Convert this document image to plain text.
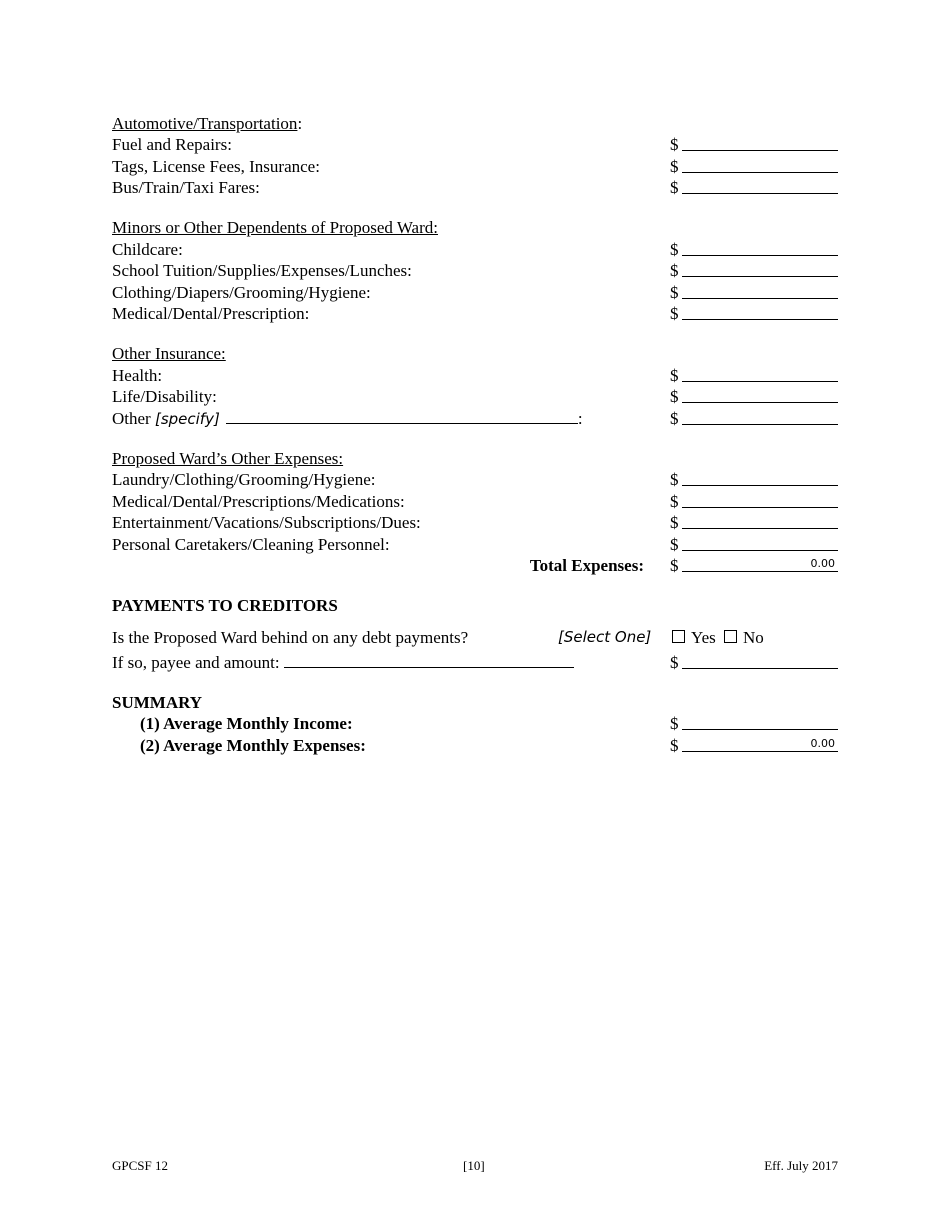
Automotive/Transportation:
Fuel and Repairs:	$
Tags, License Fees, Insurance:	$
Bus/Train/Taxi Fares:	$
Minors or Other Dependents of Proposed Ward:
Childcare:	$
School Tuition/Supplies/Expenses/Lunches:	$
Clothing/Diapers/Grooming/Hygiene:	$
Medical/Dental/Prescription:	$
Other Insurance:
Health:	$
Life/Disability:	$
Other [specify]	:	$
Proposed Ward’s Other Expenses:
Laundry/Clothing/Grooming/Hygiene:	$
Medical/Dental/Prescriptions/Medications:	$
Entertainment/Vacations/Subscriptions/Dues:	$
Personal Caretakers/Cleaning Personnel:	$
Total Expenses: $	0.00
PAYMENTS TO CREDITORS
Is the Proposed Ward behind on any debt payments?	[Select One]	Yes No
If so, payee and amount:	$
SUMMARY
(1) Average Monthly Income:	$
(2) Average Monthly Expenses:	$	0.00
GPCSF 12	[10]	Eff. July 2017
